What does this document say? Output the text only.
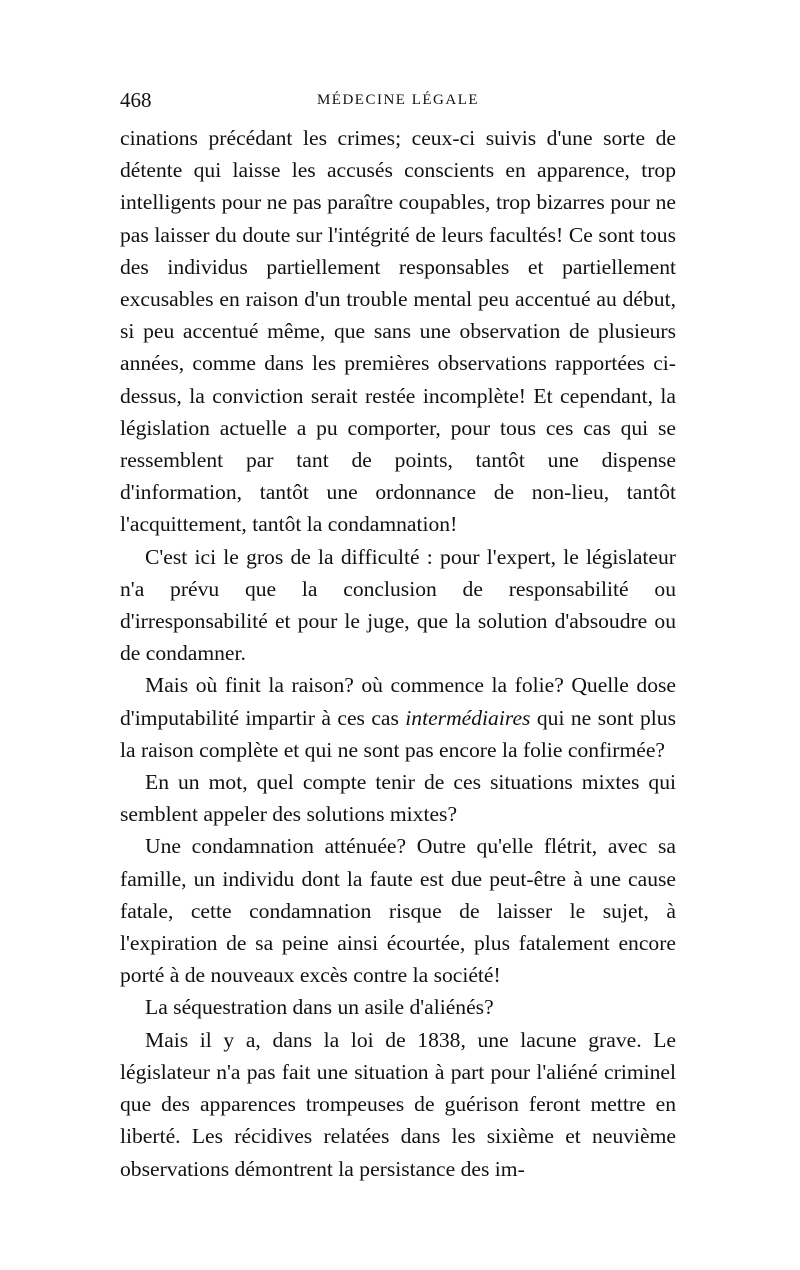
468	MÉDECINE LÉGALE

cinations précédant les crimes; ceux-ci suivis d'une sorte de détente qui laisse les accusés conscients en apparence, trop intelligents pour ne pas paraître coupables, trop bizarres pour ne pas laisser du doute sur l'intégrité de leurs facultés! Ce sont tous des individus partiellement responsables et partiellement excusables en raison d'un trouble mental peu accentué au début, si peu accentué même, que sans une observation de plusieurs années, comme dans les premières observations rapportées ci-dessus, la conviction serait restée incomplète! Et cependant, la législation actuelle a pu comporter, pour tous ces cas qui se ressemblent par tant de points, tantôt une dispense d'information, tantôt une ordonnance de non-lieu, tantôt l'acquittement, tantôt la condamnation!

C'est ici le gros de la difficulté : pour l'expert, le législateur n'a prévu que la conclusion de responsabilité ou d'irresponsabilité et pour le juge, que la solution d'absoudre ou de condamner.

Mais où finit la raison? où commence la folie? Quelle dose d'imputabilité impartir à ces cas intermédiaires qui ne sont plus la raison complète et qui ne sont pas encore la folie confirmée?

En un mot, quel compte tenir de ces situations mixtes qui semblent appeler des solutions mixtes?

Une condamnation atténuée? Outre qu'elle flétrit, avec sa famille, un individu dont la faute est due peut-être à une cause fatale, cette condamnation risque de laisser le sujet, à l'expiration de sa peine ainsi écourtée, plus fatalement encore porté à de nouveaux excès contre la société!

La séquestration dans un asile d'aliénés?

Mais il y a, dans la loi de 1838, une lacune grave. Le législateur n'a pas fait une situation à part pour l'aliéné criminel que des apparences trompeuses de guérison feront mettre en liberté. Les récidives relatées dans les sixième et neuvième observations démontrent la persistance des im-
